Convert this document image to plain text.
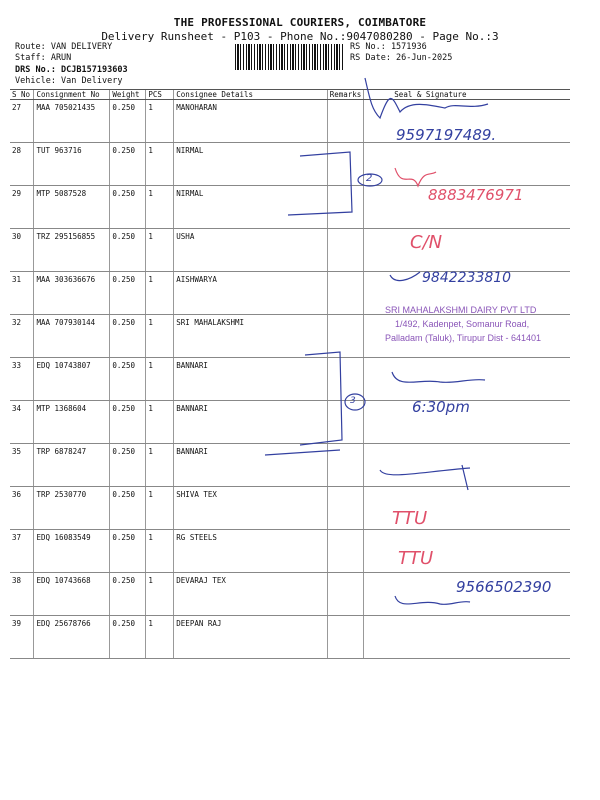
THE PROFESSIONAL COURIERS, COIMBATORE
Delivery Runsheet - P103 - Phone No.:9047080280 - Page No.:3
Route: VAN DELIVERY
Staff: ARUN
DRS No.: DCJB157193603
Vehicle: Van Delivery
RS No.: 1571936
RS Date: 26-Jun-2025
S No	Consignment No	Weight	PCS	Consignee Details	Remarks	Seal & Signature
27	MAA 705021435	0.250	1	MANOHARAN		
28	TUT 963716	0.250	1	NIRMAL		
29	MTP 5087528	0.250	1	NIRMAL		
30	TRZ 295156855	0.250	1	USHA		
31	MAA 303636676	0.250	1	AISHWARYA		
32	MAA 707930144	0.250	1	SRI MAHALAKSHMI		
33	EDQ 10743807	0.250	1	BANNARI		
34	MTP 1368604	0.250	1	BANNARI		
35	TRP 6878247	0.250	1	BANNARI		
36	TRP 2530770	0.250	1	SHIVA TEX		
37	EDQ 16083549	0.250	1	RG STEELS		
38	EDQ 10743668	0.250	1	DEVARAJ TEX		
39	EDQ 25678766	0.250	1	DEEPAN RAJ		
9597197489.
2
8883476971
C/N
9842233810
SRI MAHALAKSHMI DAIRY PVT LTD
1/492, Kadenpet, Somanur Road,
Palladam (Taluk), Tirupur Dist - 641401
3	6:30pm
TTU
TTU
9566502390
